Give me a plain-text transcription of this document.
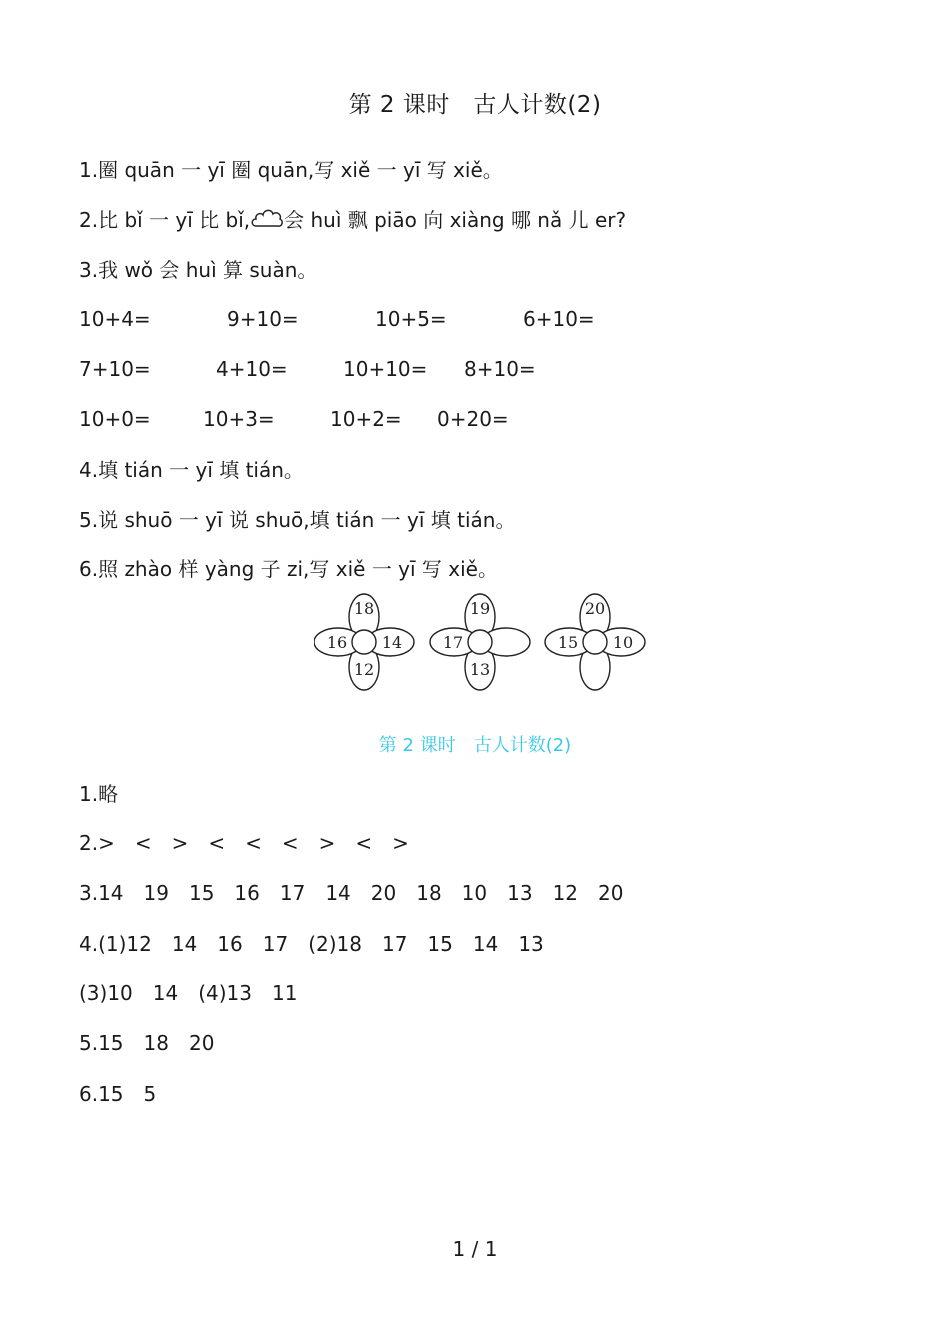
第 2 课时　古人计数(2)
1.圈 quān 一 yī 圈 quān,写 xiě 一 yī 写 xiě。
2.比 bǐ 一 yī 比 bǐ, 会 huì 飘 piāo 向 xiàng 哪 nǎ 儿 er?
3.我 wǒ 会 huì 算 suàn。
10+4=	9+10=	10+5=	6+10=
7+10=	4+10=	10+10= 8+10=
10+0=	10+3=	10+2= 0+20=
4.填 tián 一 yī 填 tián。
5.说 shuō 一 yī 说 shuō,填 tián 一 yī 填 tián。
6.照 zhào 样 yàng 子 zi,写 xiě 一 yī 写 xiě。
18
16 14
12
19
17
13
20
15 10
第 2 课时　古人计数(2)
1.略
2.>　<　>　<　<　<　>　<　>
3.14　19　15　16　17　14　20　18　10　13　12　20
4.(1)12　14　16　17　(2)18　17　15　14　13
(3)10　14　(4)13　11
5.15　18　20
6.15　5
1 / 1
